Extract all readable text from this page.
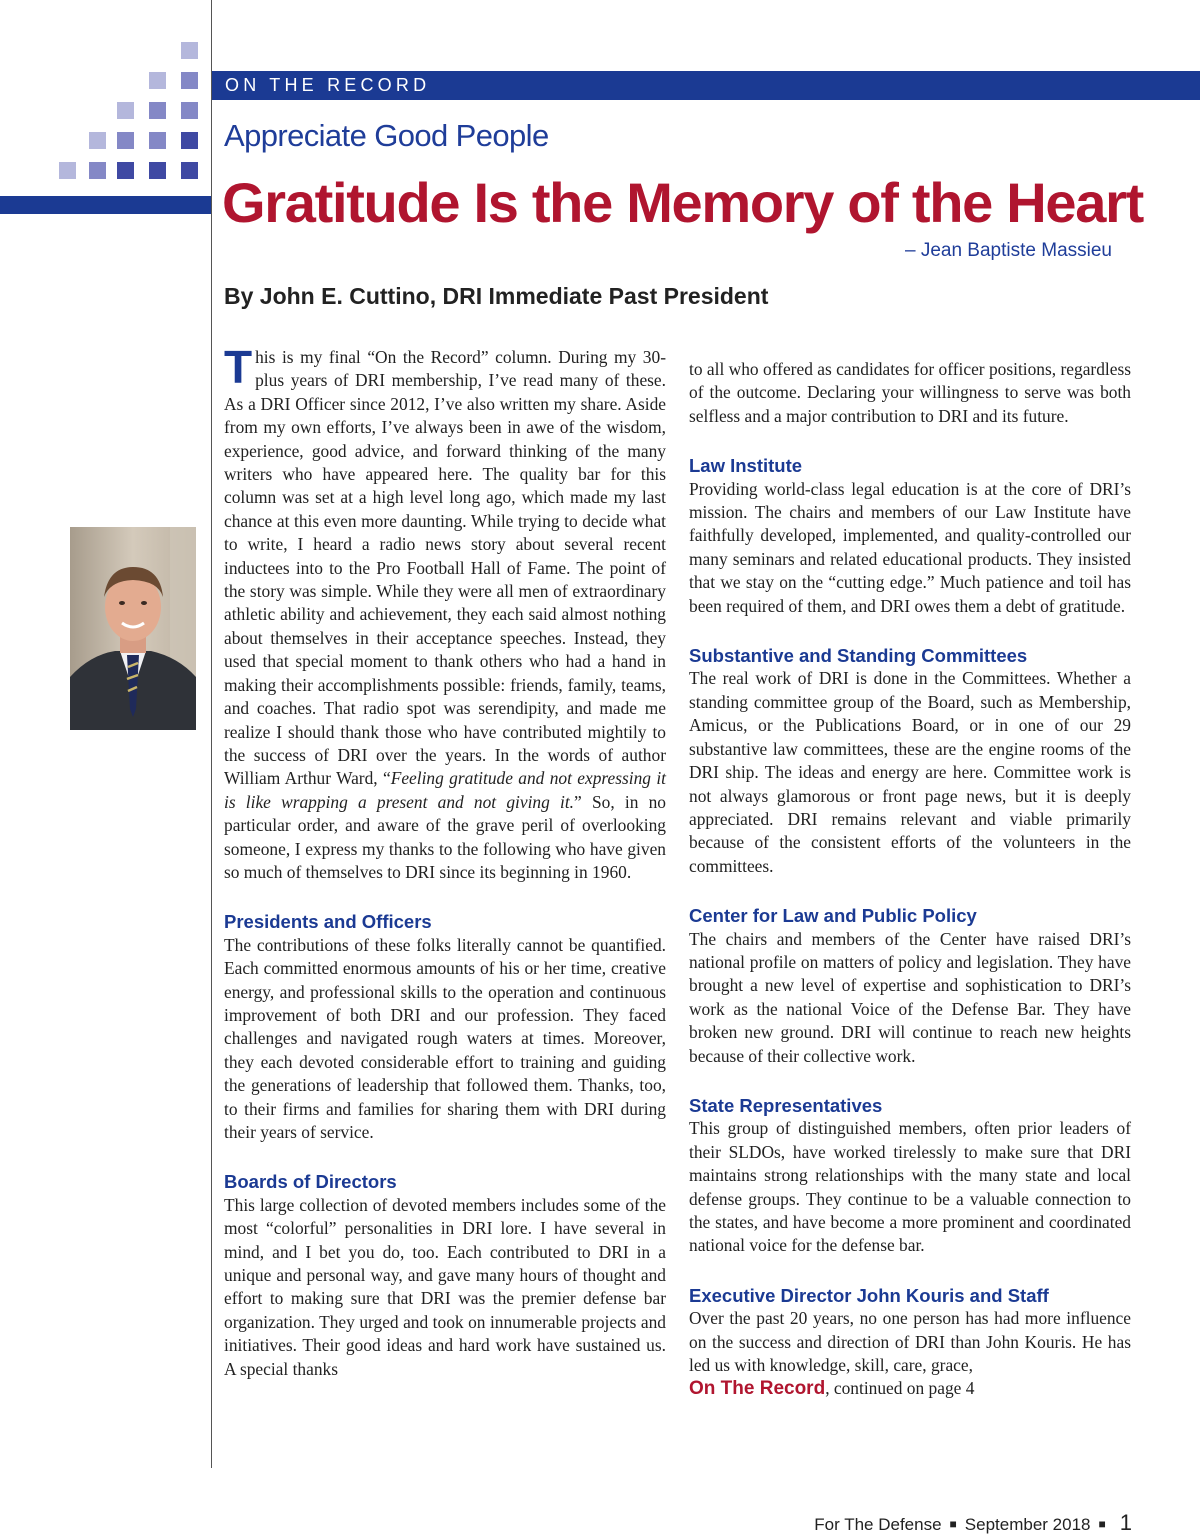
ON THE RECORD
Appreciate Good People
Gratitude Is the Memory of the Heart
– Jean Baptiste Massieu
By John E. Cuttino, DRI Immediate Past President

This is my final “On the Record” column. During my 30-plus years of DRI membership, I’ve read many of these. As a DRI Officer since 2012, I’ve also written my share. Aside from my own efforts, I’ve always been in awe of the wisdom, experience, good advice, and forward thinking of the many writers who have appeared here. The quality bar for this column was set at a high level long ago, which made my last chance at this even more daunting. While trying to decide what to write, I heard a radio news story about several recent inductees into to the Pro Football Hall of Fame. The point of the story was simple. While they were all men of extraordinary athletic ability and achievement, they each said almost nothing about themselves in their acceptance speeches. Instead, they used that special moment to thank others who had a hand in making their accomplishments possible: friends, family, teams, and coaches. That radio spot was serendipity, and made me realize I should thank those who have contributed mightily to the success of DRI over the years. In the words of author William Arthur Ward, “Feeling gratitude and not expressing it is like wrapping a present and not giving it.” So, in no particular order, and aware of the grave peril of overlooking someone, I express my thanks to the following who have given so much of themselves to DRI since its beginning in 1960.

Presidents and Officers

The contributions of these folks literally cannot be quantified. Each committed enormous amounts of his or her time, creative energy, and professional skills to the operation and continuous improvement of both DRI and our profession. They faced challenges and navigated rough waters at times. Moreover, they each devoted considerable effort to training and guiding the generations of leadership that followed them. Thanks, too, to their firms and families for sharing them with DRI during their years of service.

Boards of Directors

This large collection of devoted members includes some of the most “colorful” personalities in DRI lore. I have several in mind, and I bet you do, too. Each contributed to DRI in a unique and personal way, and gave many hours of thought and effort to making sure that DRI was the premier defense bar organization. They urged and took on innumerable projects and initiatives. Their good ideas and hard work have sustained us. A special thanks

to all who offered as candidates for officer positions, regardless of the outcome. Declaring your willingness to serve was both selfless and a major contribution to DRI and its future.

Law Institute

Providing world-class legal education is at the core of DRI’s mission. The chairs and members of our Law Institute have faithfully developed, implemented, and quality-controlled our many seminars and related educational products. They insisted that we stay on the “cutting edge.” Much patience and toil has been required of them, and DRI owes them a debt of gratitude.

Substantive and Standing Committees

The real work of DRI is done in the Committees. Whether a standing committee group of the Board, such as Membership, Amicus, or the Publications Board, or in one of our 29 substantive law committees, these are the engine rooms of the DRI ship. The ideas and energy are here. Committee work is not always glamorous or front page news, but it is deeply appreciated. DRI remains relevant and viable primarily because of the consistent efforts of the volunteers in the committees.

Center for Law and Public Policy

The chairs and members of the Center have raised DRI’s national profile on matters of policy and legislation. They have brought a new level of expertise and sophistication to DRI’s work as the national Voice of the Defense Bar. They have broken new ground. DRI will continue to reach new heights because of their collective work.

State Representatives

This group of distinguished members, often prior leaders of their SLDOs, have worked tirelessly to make sure that DRI maintains strong relationships with the many state and local defense groups. They continue to be a valuable connection to the states, and have become a more prominent and coordinated national voice for the defense bar.

Executive Director John Kouris and Staff

Over the past 20 years, no one person has had more influence on the success and direction of DRI than John Kouris. He has led us with knowledge, skill, care, grace,

On The Record, continued on page 4

For The Defense ■ September 2018 ■ 1
